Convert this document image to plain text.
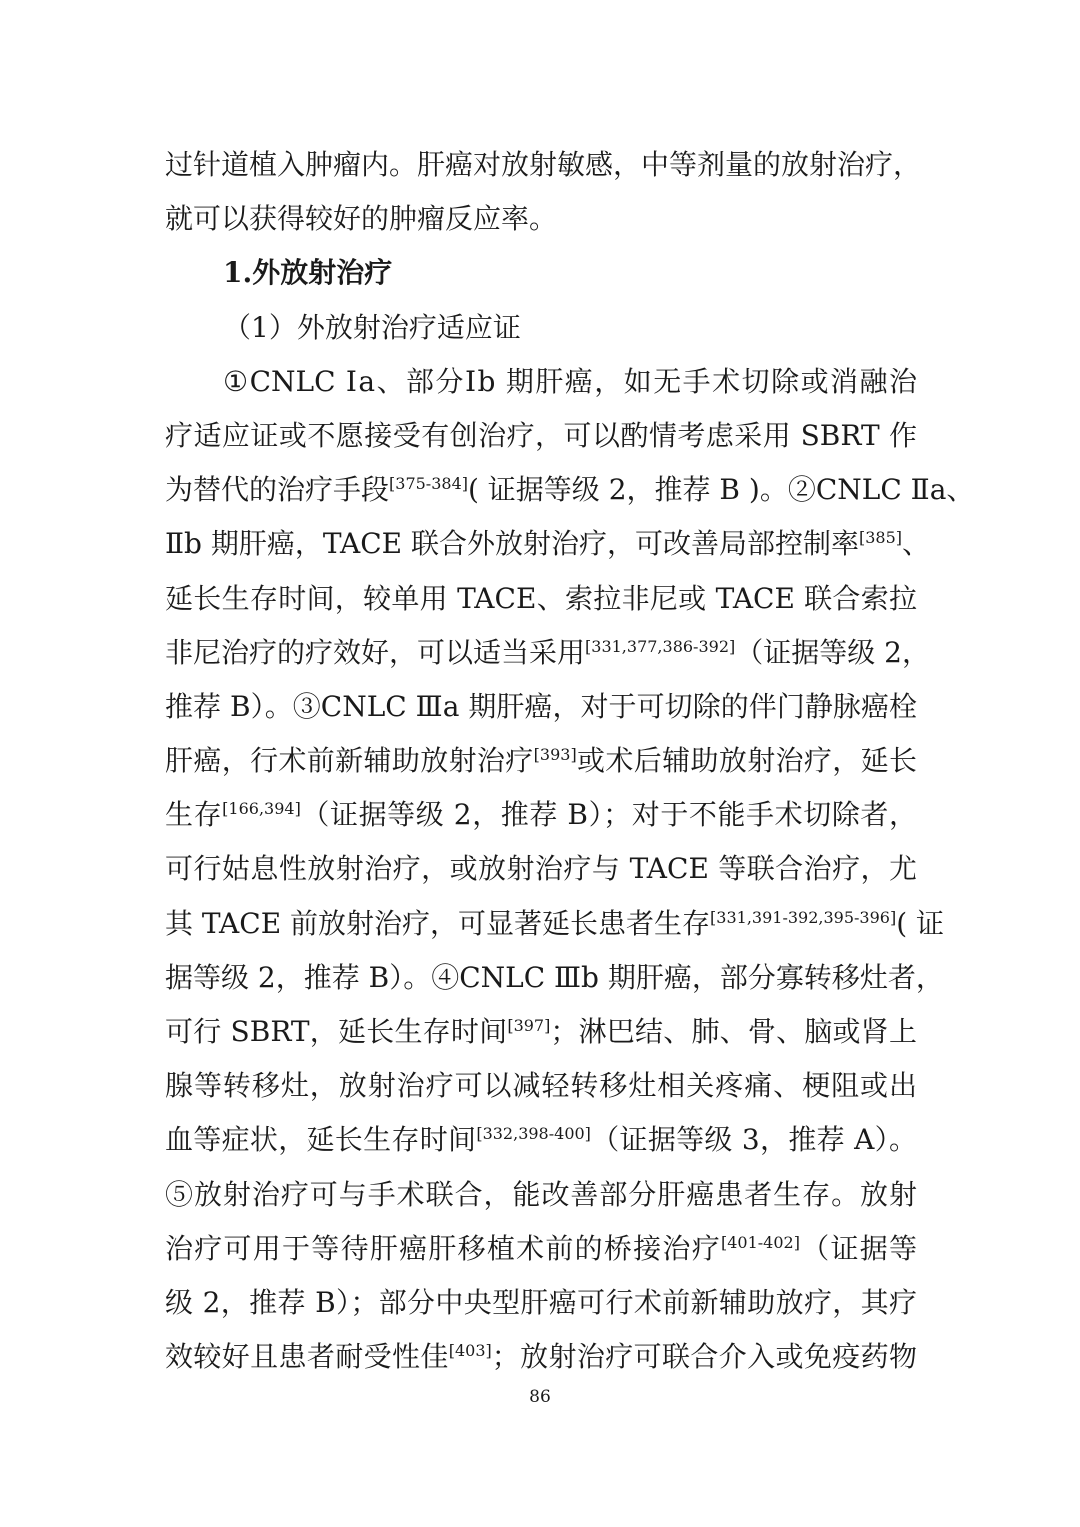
过针道植入肿瘤内。肝癌对放射敏感，中等剂量的放射治疗，
就可以获得较好的肿瘤反应率。
1.外放射治疗
（1）外放射治疗适应证
①CNLC Ⅰa、部分Ⅰb 期肝癌，如无手术切除或消融治
疗适应证或不愿接受有创治疗，可以酌情考虑采用 SBRT 作
为替代的治疗手段[375-384]( 证据等级 2，推荐 B )。②CNLC Ⅱa、
Ⅱb 期肝癌，TACE 联合外放射治疗，可改善局部控制率[385]、
延长生存时间，较单用 TACE、索拉非尼或 TACE 联合索拉
非尼治疗的疗效好，可以适当采用[331,377,386-392]（证据等级 2，
推荐 B）。③CNLC Ⅲa 期肝癌，对于可切除的伴门静脉癌栓
肝癌，行术前新辅助放射治疗[393]或术后辅助放射治疗，延长
生存[166,394]（证据等级 2，推荐 B）；对于不能手术切除者，
可行姑息性放射治疗，或放射治疗与 TACE 等联合治疗，尤
其 TACE 前放射治疗，可显著延长患者生存[331,391-392,395-396]( 证
据等级 2，推荐 B）。④CNLC Ⅲb 期肝癌，部分寡转移灶者，
可行 SBRT，延长生存时间[397]；淋巴结、肺、骨、脑或肾上
腺等转移灶，放射治疗可以减轻转移灶相关疼痛、梗阻或出
血等症状，延长生存时间[332,398-400]（证据等级 3，推荐 A）。
⑤放射治疗可与手术联合，能改善部分肝癌患者生存。放射
治疗可用于等待肝癌肝移植术前的桥接治疗[401-402]（证据等
级 2，推荐 B）；部分中央型肝癌可行术前新辅助放疗，其疗
效较好且患者耐受性佳[403]；放射治疗可联合介入或免疫药物
86
